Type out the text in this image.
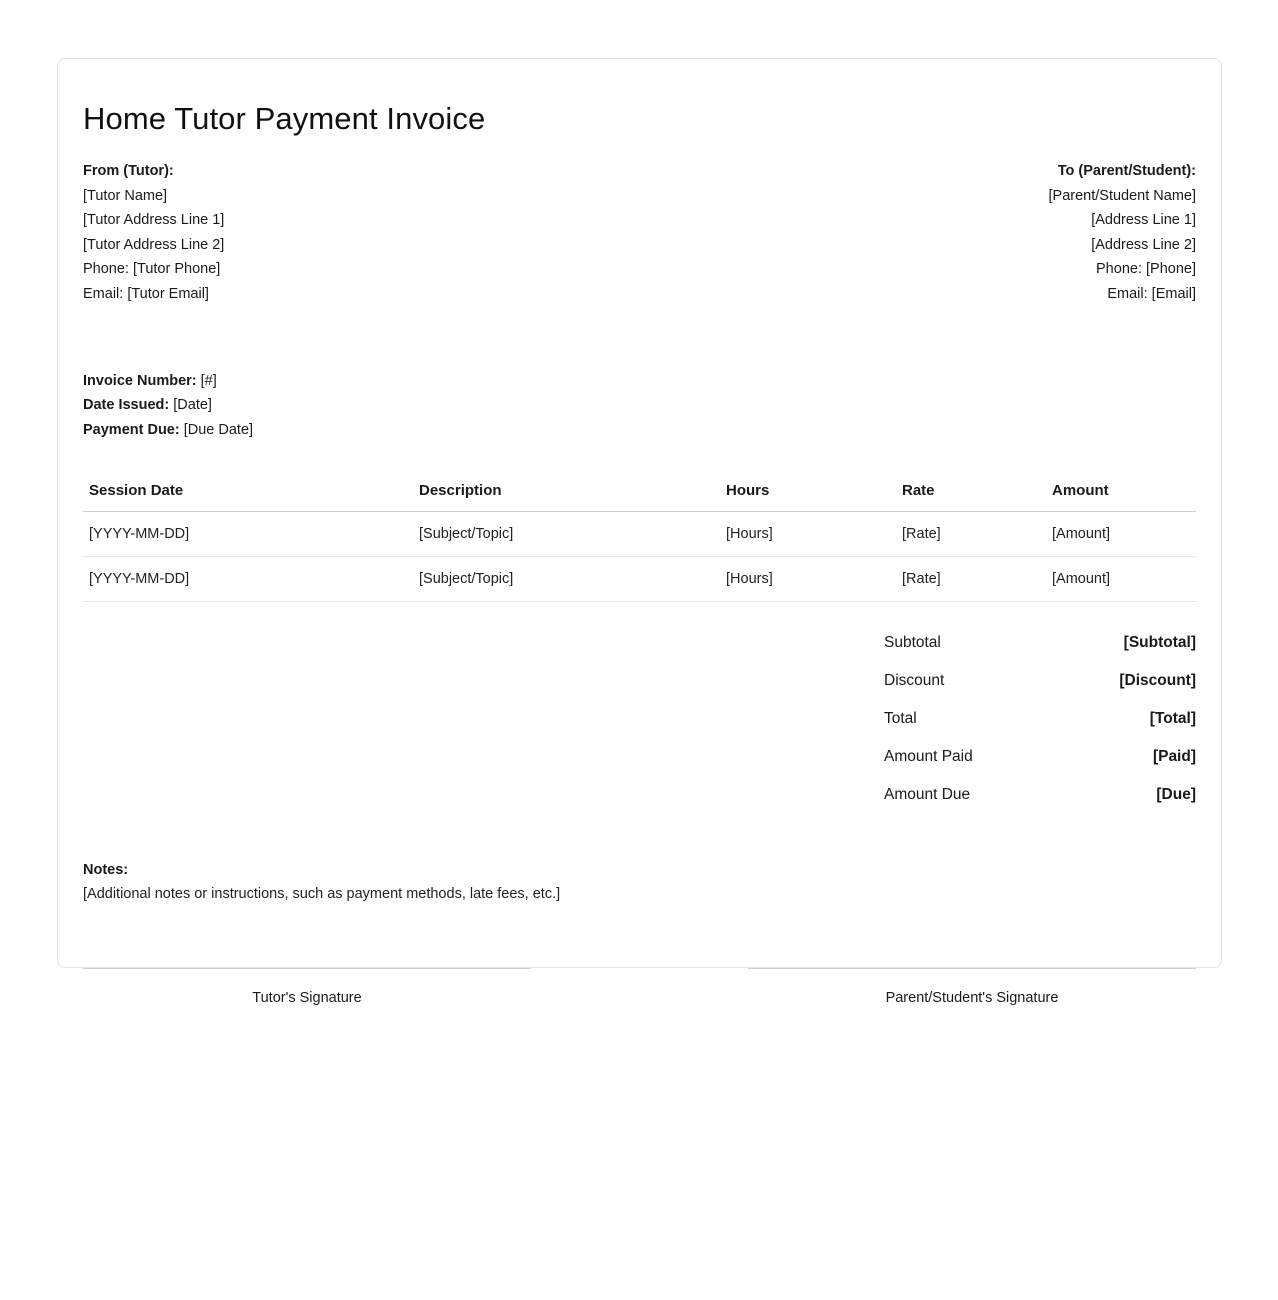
Home Tutor Payment Invoice
From (Tutor):
[Tutor Name]
[Tutor Address Line 1]
[Tutor Address Line 2]
Phone: [Tutor Phone]
Email: [Tutor Email]
To (Parent/Student):
[Parent/Student Name]
[Address Line 1]
[Address Line 2]
Phone: [Phone]
Email: [Email]
Invoice Number: [#]
Date Issued: [Date]
Payment Due: [Due Date]
Session Date	Description	Hours	Rate	Amount
[YYYY-MM-DD]	[Subject/Topic]	[Hours]	[Rate]	[Amount]
[YYYY-MM-DD]	[Subject/Topic]	[Hours]	[Rate]	[Amount]
Subtotal	[Subtotal]
Discount	[Discount]
Total	[Total]
Amount Paid	[Paid]
Amount Due	[Due]
Notes:
[Additional notes or instructions, such as payment methods, late fees, etc.]
Tutor's Signature	Parent/Student's Signature
